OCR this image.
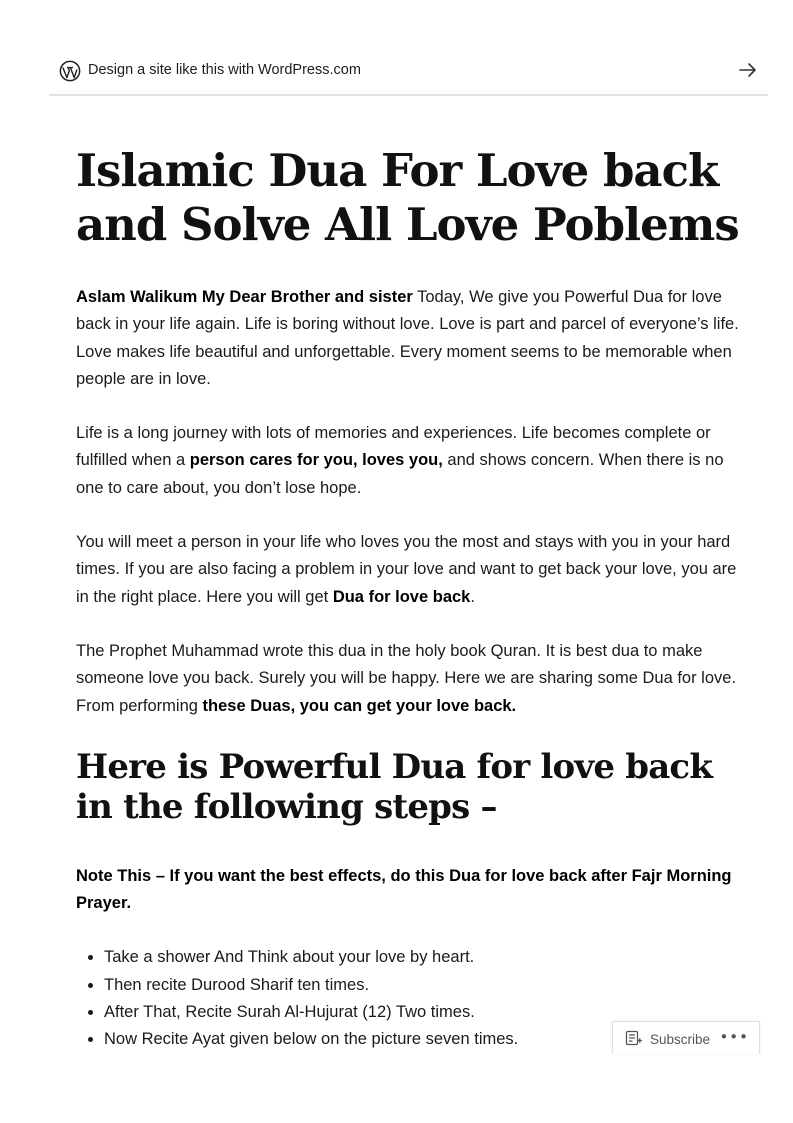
Design a site like this with WordPress.com
Islamic Dua For Love back and Solve All Love Poblems

Aslam Walikum My Dear Brother and sister Today, We give you Powerful Dua for love back in your life again. Life is boring without love. Love is part and parcel of everyone’s life. Love makes life beautiful and unforgettable. Every moment seems to be memorable when people are in love.

Life is a long journey with lots of memories and experiences. Life becomes complete or fulfilled when a person cares for you, loves you, and shows concern. When there is no one to care about, you don’t lose hope.

You will meet a person in your life who loves you the most and stays with you in your hard times. If you are also facing a problem in your love and want to get back your love, you are in the right place. Here you will get Dua for love back.

The Prophet Muhammad wrote this dua in the holy book Quran. It is best dua to make someone love you back. Surely you will be happy. Here we are sharing some Dua for love. From performing these Duas, you can get your love back.

Here is Powerful Dua for love back in the following steps –

Note This – If you want the best effects, do this Dua for love back after Fajr Morning Prayer.

• Take a shower And Think about your love by heart.
• Then recite Durood Sharif ten times.
• After That, Recite Surah Al-Hujurat (12) Two times.
• Now Recite Ayat given below on the picture seven times.	Subscribe •••
